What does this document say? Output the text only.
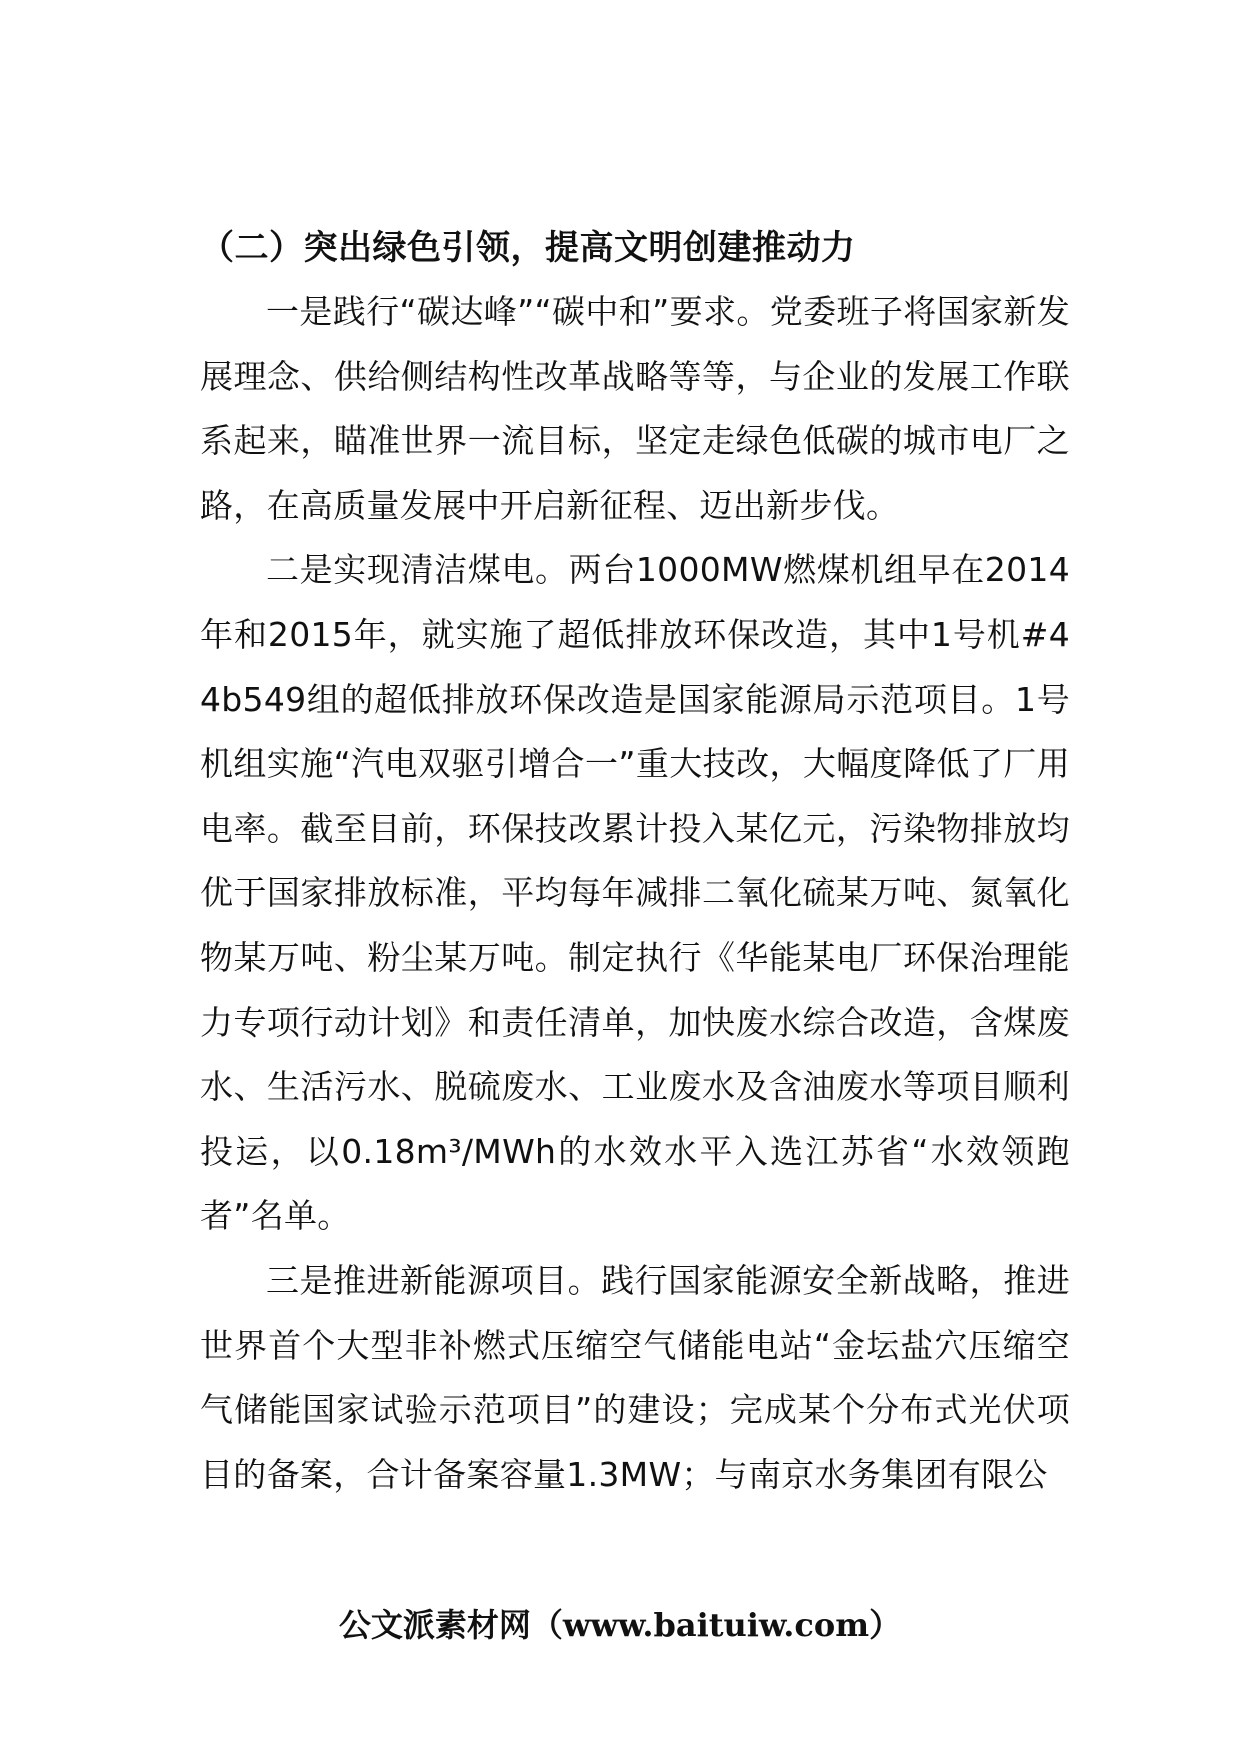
（二）突出绿色引领，提高文明创建推动力

一是践行“碳达峰”“碳中和”要求。党委班子将国家新发展理念、供给侧结构性改革战略等等，与企业的发展工作联系起来，瞄准世界一流目标，坚定走绿色低碳的城市电厂之路，在高质量发展中开启新征程、迈出新步伐。

二是实现清洁煤电。两台1000MW燃煤机组早在2014年和2015年，就实施了超低排放环保改造，其中1号机#44b549组的超低排放环保改造是国家能源局示范项目。1号机组实施“汽电双驱引增合一”重大技改，大幅度降低了厂用电率。截至目前，环保技改累计投入某亿元，污染物排放均优于国家排放标准，平均每年减排二氧化硫某万吨、氮氧化物某万吨、粉尘某万吨。制定执行《华能某电厂环保治理能力专项行动计划》和责任清单，加快废水综合改造，含煤废水、生活污水、脱硫废水、工业废水及含油废水等项目顺利投运，以0.18m³/MWh的水效水平入选江苏省“水效领跑者”名单。

三是推进新能源项目。践行国家能源安全新战略，推进世界首个大型非补燃式压缩空气储能电站“金坛盐穴压缩空气储能国家试验示范项目”的建设；完成某个分布式光伏项目的备案，合计备案容量1.3MW；与南京水务集团有限公

公文派素材网（www.baituiw.com）
